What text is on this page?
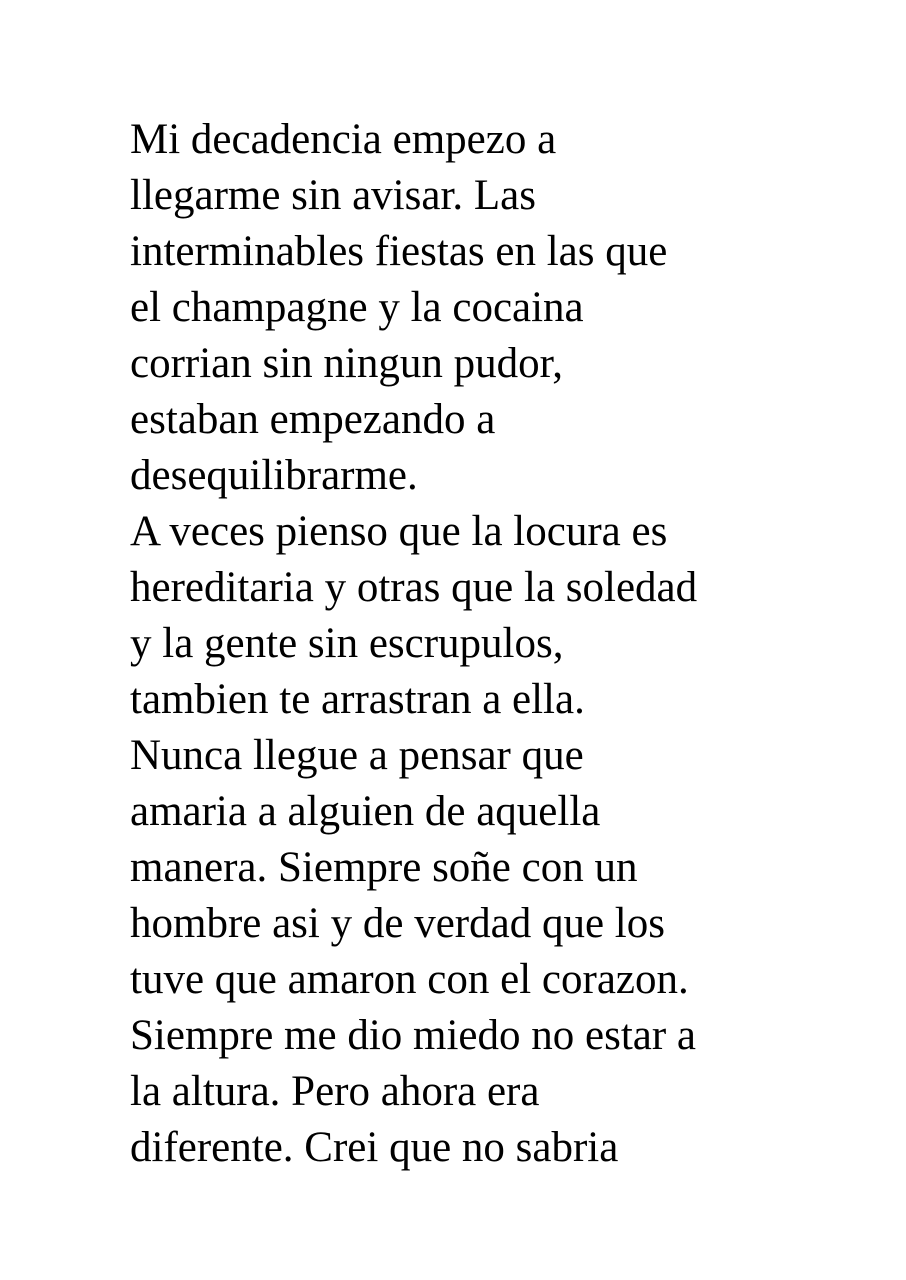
Mi decadencia empezo a

llegarme sin avisar. Las

interminables fiestas en las que

el champagne y la cocaina

corrian sin ningun pudor,

estaban empezando a

desequilibrarme.

A veces pienso que la locura es

hereditaria y otras que la soledad

y la gente sin escrupulos,

tambien te arrastran a ella.

Nunca llegue a pensar que

amaria a alguien de aquella

manera. Siempre soñe con un

hombre asi y de verdad que los

tuve que amaron con el corazon.

Siempre me dio miedo no estar a

la altura. Pero ahora era

diferente. Crei que no sabria
